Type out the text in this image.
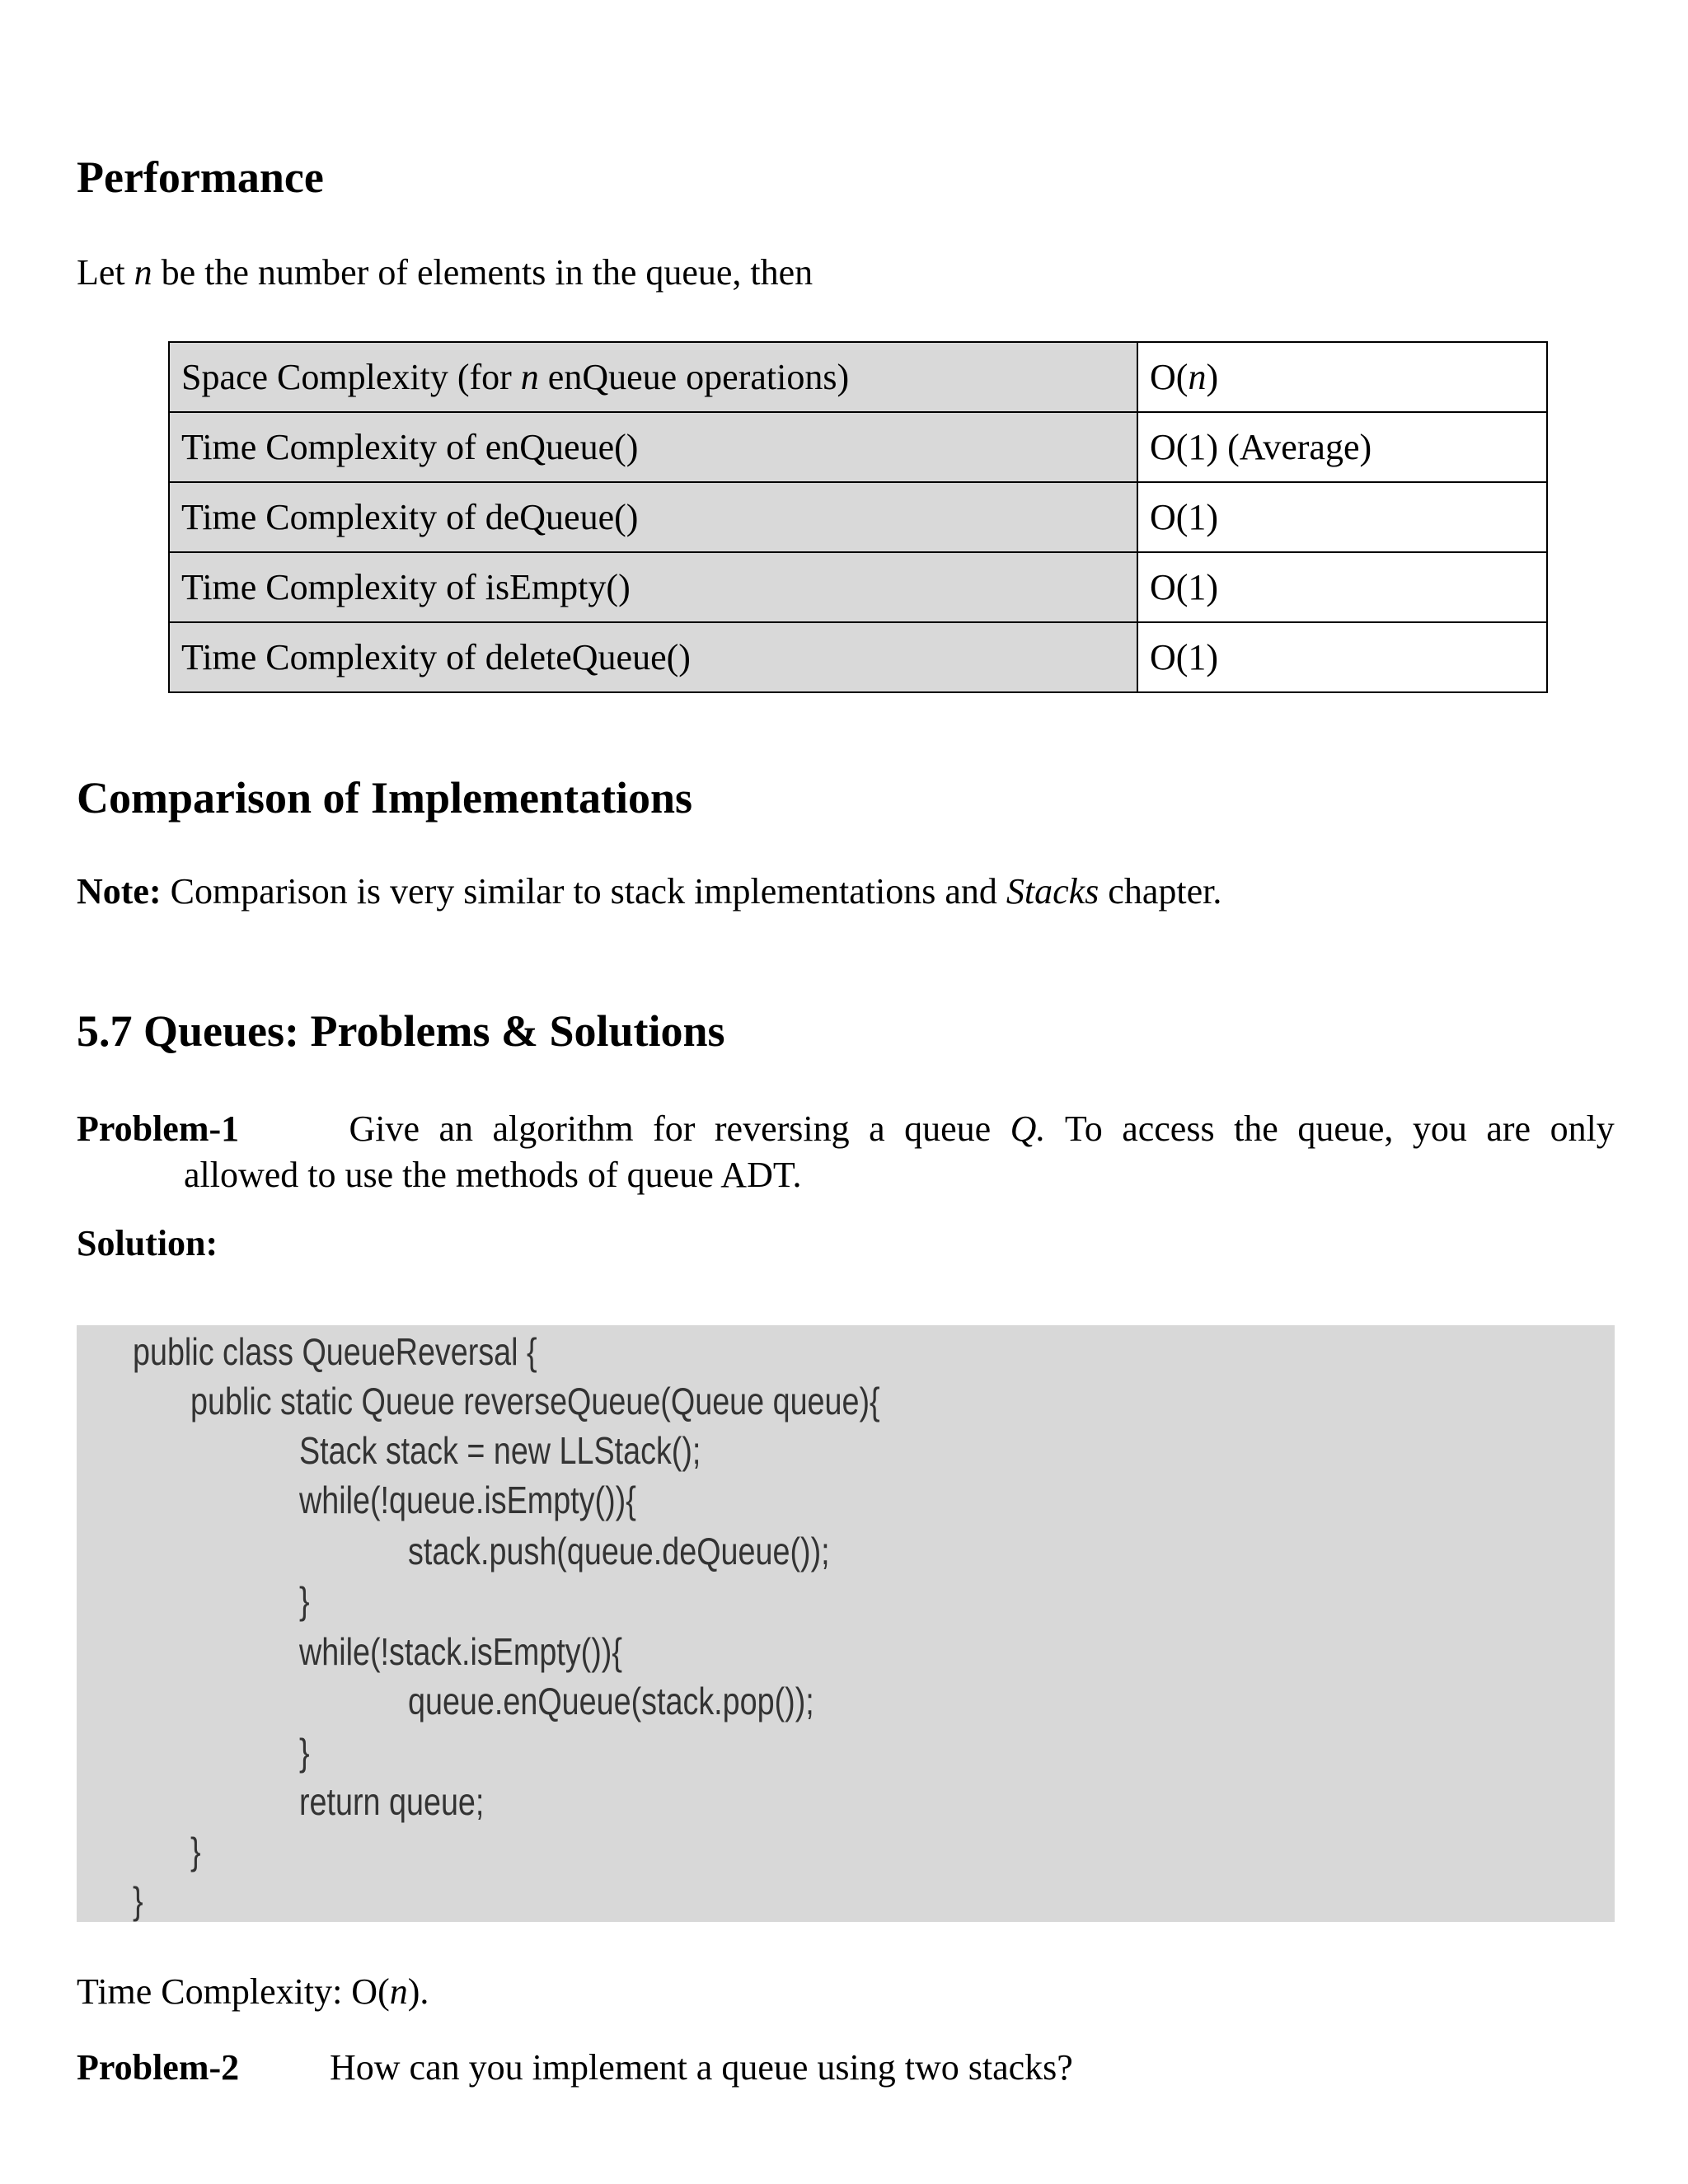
Performance

Let n be the number of elements in the queue, then

Space Complexity (for n enQueue operations)	O(n)
Time Complexity of enQueue()	O(1) (Average)
Time Complexity of deQueue()	O(1)
Time Complexity of isEmpty()	O(1)
Time Complexity of deleteQueue()	O(1)
Comparison of Implementations

Note: Comparison is very similar to stack implementations and Stacks chapter.

5.7 Queues: Problems & Solutions
Problem-1	Give an algorithm for reversing a queue Q. To access the queue, you are only
allowed to use the methods of queue ADT.

Solution:

public class QueueReversal {
public static Queue reverseQueue(Queue queue){
Stack stack = new LLStack();
while(!queue.isEmpty()){
stack.push(queue.deQueue());
}
while(!stack.isEmpty()){
queue.enQueue(stack.pop());
}
return queue;
}
}

Time Complexity: O(n).

Problem-2 How can you implement a queue using two stacks?
